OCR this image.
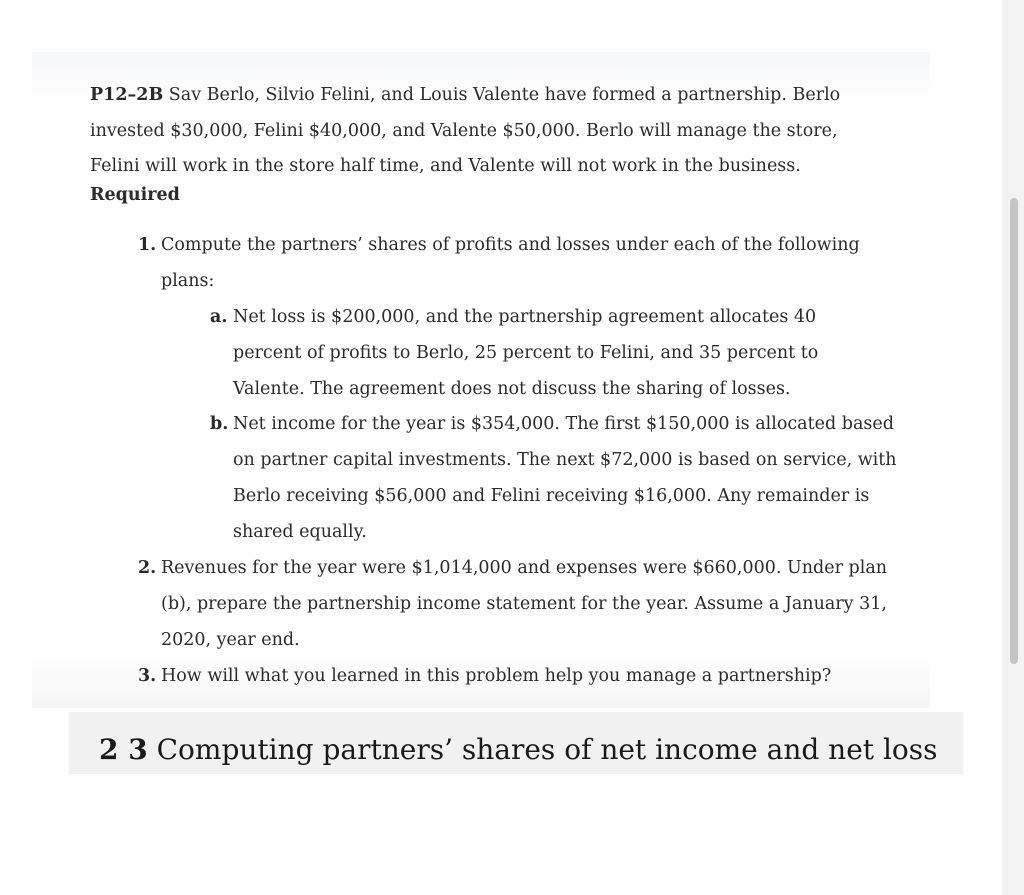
P12–2B Sav Berlo, Silvio Felini, and Louis Valente have formed a partnership. Berlo
invested $30,000, Felini $40,000, and Valente $50,000. Berlo will manage the store,
Felini will work in the store half time, and Valente will not work in the business.
Required
1. Compute the partners’ shares of profits and losses under each of the following plans:
a. Net loss is $200,000, and the partnership agreement allocates 40 percent of profits to Berlo, 25 percent to Felini, and 35 percent to Valente. The agreement does not discuss the sharing of losses.
b. Net income for the year is $354,000. The first $150,000 is allocated based on partner capital investments. The next $72,000 is based on service, with Berlo receiving $56,000 and Felini receiving $16,000. Any remainder is shared equally.
2. Revenues for the year were $1,014,000 and expenses were $660,000. Under plan (b), prepare the partnership income statement for the year. Assume a January 31, 2020, year end.
3. How will what you learned in this problem help you manage a partnership?
2 3 Computing partners’ shares of net income and net loss
